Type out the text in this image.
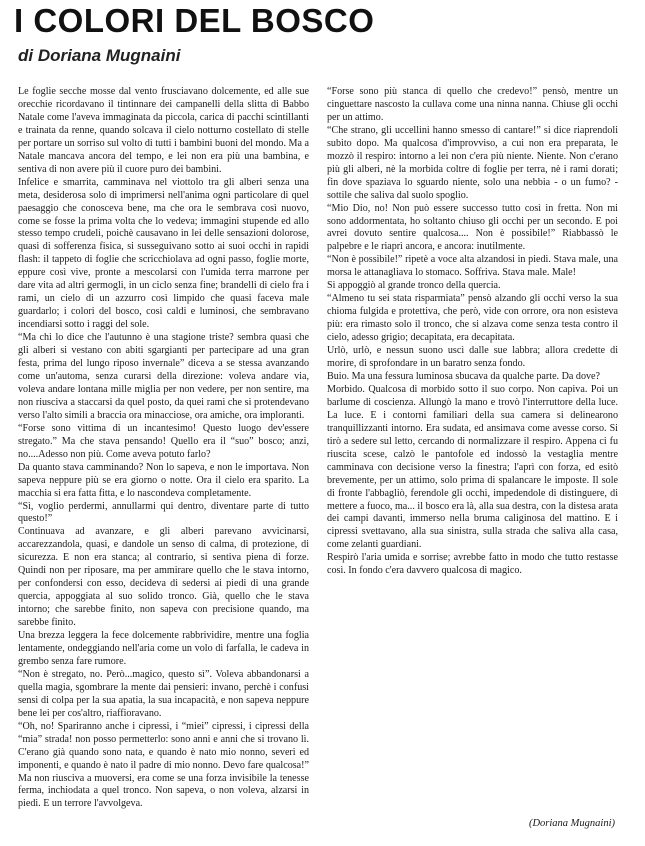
I COLORI DEL BOSCO
di Doriana Mugnaini

Le foglie secche mosse dal vento frusciavano dolcemente, ed alle sue orecchie ricordavano il tintinnare dei campanelli della slitta di Babbo Natale come l'aveva immaginata da piccola, carica di pacchi scintillanti e trainata da renne, quando solcava il cielo notturno costellato di stelle per portare un sorriso sul volto di tutti i bambini buoni del mondo. Ma a Natale mancava ancora del tempo, e lei non era più una bambina, e sentiva di non avere più il cuore puro dei bambini.

Infelice e smarrita, camminava nel viottolo tra gli alberi senza una meta, desiderosa solo di imprimersi nell'anima ogni particolare di quel paesaggio che conosceva bene, ma che ora le sembrava così nuovo, come se fosse la prima volta che lo vedeva; immagini stupende ed allo stesso tempo crudeli, poichè causavano in lei delle sensazioni dolorose, quasi di sofferenza fisica, si susseguivano sotto ai suoi occhi in rapidi flash: il tappeto di foglie che scricchiolava ad ogni passo, foglie morte, eppure così vive, pronte a mescolarsi con l'umida terra marrone per dare vita ad altri germogli, in un ciclo senza fine; brandelli di cielo fra i rami, un cielo di un azzurro così limpido che quasi faceva male guardarlo; i colori del bosco, così caldi e luminosi, che sembravano incendiarsi sotto i raggi del sole.

“Ma chi lo dice che l'autunno è una stagione triste? sembra quasi che gli alberi si vestano con abiti sgargianti per partecipare ad una gran festa, prima del lungo riposo invernale” diceva a se stessa avanzando come un'automa, senza curarsi della direzione: voleva andare via, voleva andare lontana mille miglia per non vedere, per non sentire, ma non riusciva a staccarsi da quel posto, da quei rami che si protendevano verso l'alto simili a braccia ora minacciose, ora amiche, ora imploranti.

“Forse sono vittima di un incantesimo! Questo luogo dev'essere stregato.” Ma che stava pensando! Quello era il “suo” bosco; anzi, no....Adesso non più. Come aveva potuto farlo?

Da quanto stava camminando? Non lo sapeva, e non le importava. Non sapeva neppure più se era giorno o notte. Ora il cielo era sparito. La macchia si era fatta fitta, e lo nascondeva completamente.

“Sì, voglio perdermi, annullarmi qui dentro, diventare parte di tutto questo!”

Continuava ad avanzare, e gli alberi parevano avvicinarsi, accarezzandola, quasi, e dandole un senso di calma, di protezione, di sicurezza. E non era stanca; al contrario, si sentiva piena di forze. Quindi non per riposare, ma per ammirare quello che le stava intorno, per confondersi con esso, decideva di sedersi ai piedi di una grande quercia, appoggiata al suo solido tronco. Già, quello che le stava intorno; che sarebbe finito, non sapeva con precisione quando, ma sarebbe finito.

Una brezza leggera la fece dolcemente rabbrividire, mentre una foglia lentamente, ondeggiando nell'aria come un volo di farfalla, le cadeva in grembo senza fare rumore.

“Non è stregato, no. Però...magico, questo sì”. Voleva abbandonarsi a quella magia, sgombrare la mente dai pensieri: invano, perchè i confusi sensi di colpa per la sua apatia, la sua incapacità, e non sapeva neppure bene lei per cos'altro, riaffioravano.

“Oh, no! Spariranno anche i cipressi, i “miei” cipressi, i cipressi della “mia” strada! non posso permetterlo: sono anni e anni che si trovano lì. C'erano già quando sono nata, e quando è nato mio nonno, severi ed imponenti, e quando è nato il padre di mio nonno. Devo fare qualcosa!” Ma non riusciva a muoversi, era come se una forza invisibile la tenesse ferma, inchiodata a quel tronco. Non sapeva, o non voleva, alzarsi in piedi. E un terrore l'avvolgeva.

“Forse sono più stanca di quello che credevo!” pensò, mentre un cinguettare nascosto la cullava come una ninna nanna. Chiuse gli occhi per un attimo.

“Che strano, gli uccellini hanno smesso di cantare!” si dice riaprendoli subito dopo. Ma qualcosa d'improvviso, a cui non era preparata, le mozzò il respiro: intorno a lei non c'era più niente. Niente. Non c'erano più gli alberi, nè la morbida coltre di foglie per terra, nè i rami dorati; fin dove spaziava lo sguardo niente, solo una nebbia - o un fumo? - sottile che saliva dal suolo spoglio.

“Mio Dio, no! Non può essere successo tutto così in fretta. Non mi sono addormentata, ho soltanto chiuso gli occhi per un secondo. E poi avrei dovuto sentire qualcosa.... Non è possibile!” Riabbassò le palpebre e le riaprì ancora, e ancora: inutilmente.

“Non è possibile!” ripetè a voce alta alzandosi in piedi. Stava male, una morsa le attanagliava lo stomaco. Soffriva. Stava male. Male!

Si appoggiò al grande tronco della quercia.

“Almeno tu sei stata risparmiata” pensò alzando gli occhi verso la sua chioma fulgida e protettiva, che però, vide con orrore, ora non esisteva più: era rimasto solo il tronco, che si alzava come senza testa contro il cielo, adesso grigio; decapitata, era decapitata.

Urlò, urlò, e nessun suono uscì dalle sue labbra; allora credette di morire, di sprofondare in un baratro senza fondo.

Buio. Ma una fessura luminosa sbucava da qualche parte. Da dove?

Morbido. Qualcosa di morbido sotto il suo corpo. Non capiva. Poi un barlume di coscienza. Allungò la mano e trovò l'interruttore della luce. La luce. E i contorni familiari della sua camera si delinearono tranquillizzanti intorno. Era sudata, ed ansimava come avesse corso. Si tirò a sedere sul letto, cercando di normalizzare il respiro. Appena ci fu riuscita scese, calzò le pantofole ed indossò la vestaglia mentre camminava con decisione verso la finestra; l'aprì con forza, ed esitò brevemente, per un attimo, solo prima di spalancare le imposte. Il sole di fronte l'abbagliò, ferendole gli occhi, impedendole di distinguere, di mettere a fuoco, ma... il bosco era là, alla sua destra, con la distesa arata dei campi davanti, immerso nella bruma caliginosa del mattino. E i cipressi svettavano, alla sua sinistra, sulla strada che saliva alla casa, come zelanti guardiani.

Respirò l'aria umida e sorrise; avrebbe fatto in modo che tutto restasse così. In fondo c'era davvero qualcosa di magico.

(Doriana Mugnaini)
